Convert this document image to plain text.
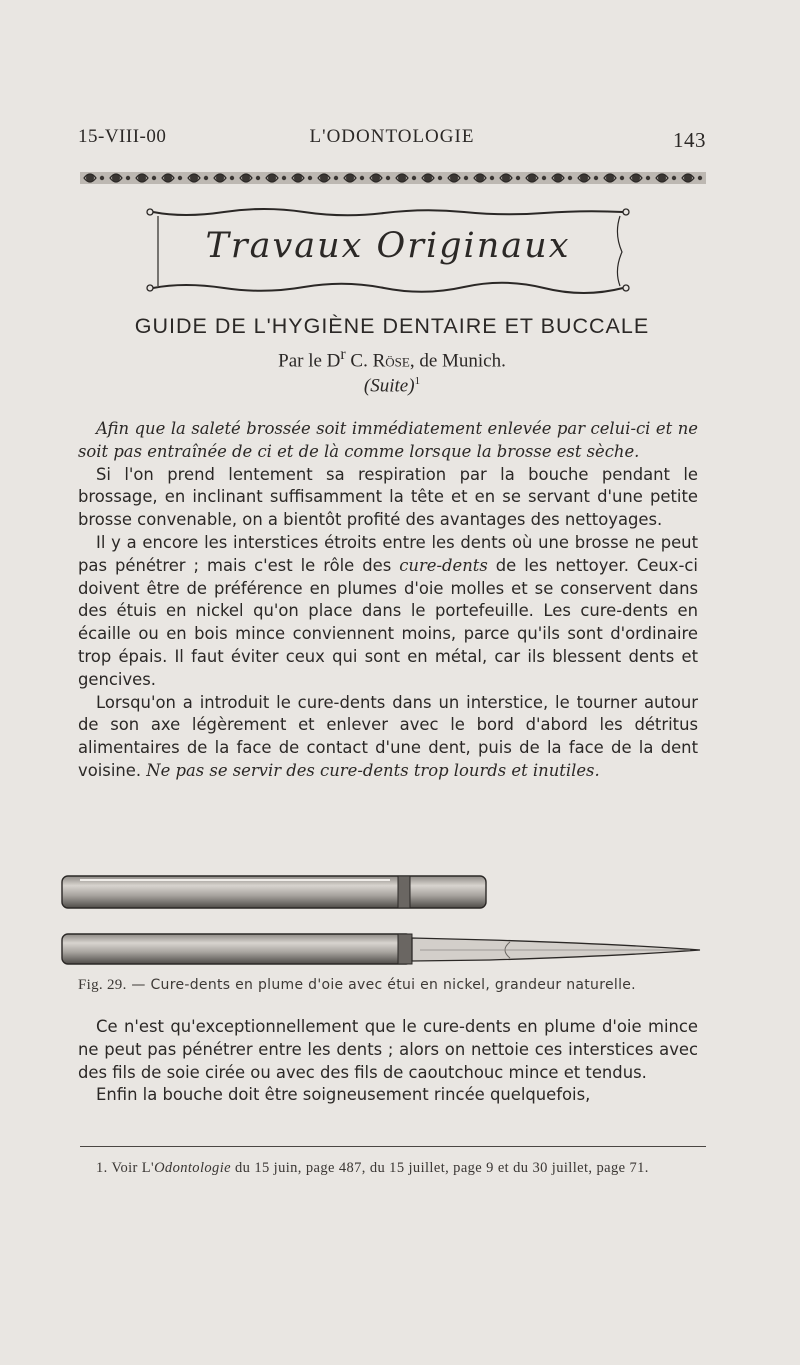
15-VIII-00	L'ODONTOLOGIE	143
Travaux Originaux
GUIDE DE L'HYGIÈNE DENTAIRE ET BUCCALE
Par le $D^r$ C. Röse, de Munich.
(Suite)$^1$

Afin que la saleté brossée soit immédiatement enlevée par celui-ci et ne soit pas entraînée de ci et de là comme lorsque la brosse est sèche.

Si l'on prend lentement sa respiration par la bouche pendant le brossage, en inclinant suffisamment la tête et en se servant d'une petite brosse convenable, on a bientôt profité des avantages des nettoyages.

Il y a encore les interstices étroits entre les dents où une brosse ne peut pas pénétrer ; mais c'est le rôle des cure-dents de les nettoyer. Ceux-ci doivent être de préférence en plumes d'oie molles et se conservent dans des étuis en nickel qu'on place dans le portefeuille. Les cure-dents en écaille ou en bois mince conviennent moins, parce qu'ils sont d'ordinaire trop épais. Il faut éviter ceux qui sont en métal, car ils blessent dents et gencives.

Lorsqu'on a introduit le cure-dents dans un interstice, le tourner autour de son axe légèrement et enlever avec le bord d'abord les détritus alimentaires de la face de contact d'une dent, puis de la face de la dent voisine. Ne pas se servir des cure-dents trop lourds et inutiles.

Fig. 29. — Cure-dents en plume d'oie avec étui en nickel, grandeur naturelle.

Ce n'est qu'exceptionnellement que le cure-dents en plume d'oie mince ne peut pas pénétrer entre les dents ; alors on nettoie ces interstices avec des fils de soie cirée ou avec des fils de caoutchouc mince et tendus.

Enfin la bouche doit être soigneusement rincée quelquefois,

1. Voir L'Odontologie du 15 juin, page 487, du 15 juillet, page 9 et du 30 juillet, page 71.
